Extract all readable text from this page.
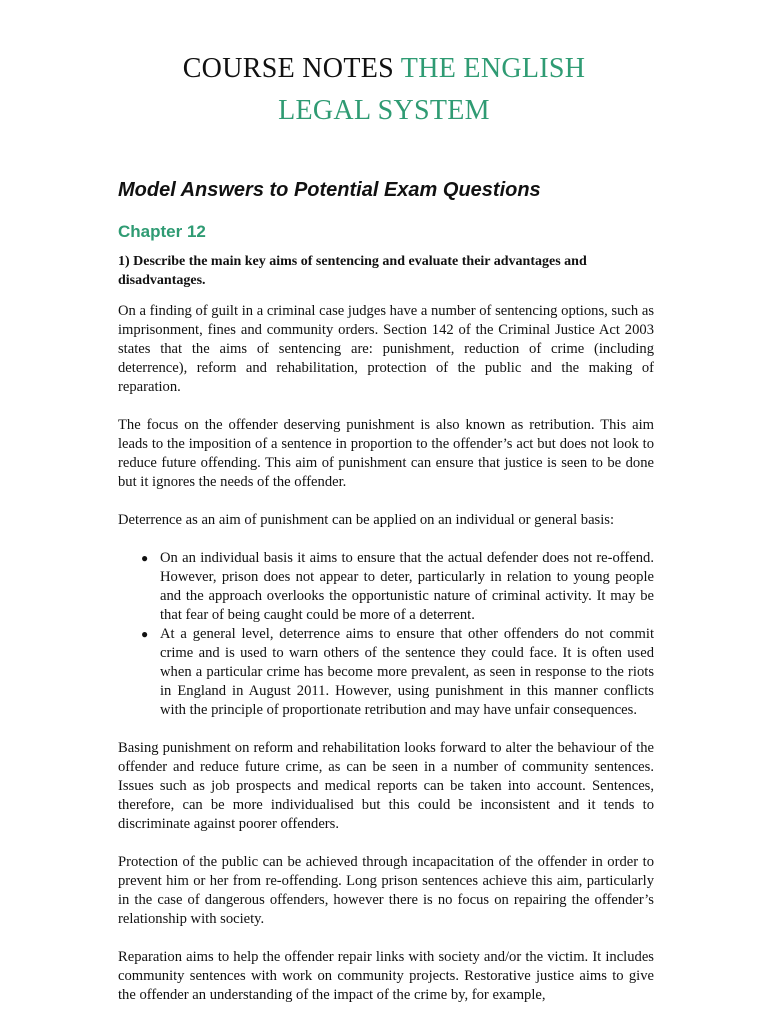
COURSE NOTES THE ENGLISH
LEGAL SYSTEM
Model Answers to Potential Exam Questions
Chapter 12
1) Describe the main key aims of sentencing and evaluate their advantages and disadvantages.

On a finding of guilt in a criminal case judges have a number of sentencing options, such as imprisonment, fines and community orders. Section 142 of the Criminal Justice Act 2003 states that the aims of sentencing are: punishment, reduction of crime (including deterrence), reform and rehabilitation, protection of the public and the making of reparation.

The focus on the offender deserving punishment is also known as retribution. This aim leads to the imposition of a sentence in proportion to the offender’s act but does not look to reduce future offending. This aim of punishment can ensure that justice is seen to be done but it ignores the needs of the offender.

Deterrence as an aim of punishment can be applied on an individual or general basis:

● On an individual basis it aims to ensure that the actual defender does not re-offend. However, prison does not appear to deter, particularly in relation to young people and the approach overlooks the opportunistic nature of criminal activity. It may be that fear of being caught could be more of a deterrent.
● At a general level, deterrence aims to ensure that other offenders do not commit crime and is used to warn others of the sentence they could face. It is often used when a particular crime has become more prevalent, as seen in response to the riots in England in August 2011. However, using punishment in this manner conflicts with the principle of proportionate retribution and may have unfair consequences.

Basing punishment on reform and rehabilitation looks forward to alter the behaviour of the offender and reduce future crime, as can be seen in a number of community sentences. Issues such as job prospects and medical reports can be taken into account. Sentences, therefore, can be more individualised but this could be inconsistent and it tends to discriminate against poorer offenders.

Protection of the public can be achieved through incapacitation of the offender in order to prevent him or her from re-offending. Long prison sentences achieve this aim, particularly in the case of dangerous offenders, however there is no focus on repairing the offender’s relationship with society.

Reparation aims to help the offender repair links with society and/or the victim. It includes community sentences with work on community projects. Restorative justice aims to give the offender an understanding of the impact of the crime by, for example,
